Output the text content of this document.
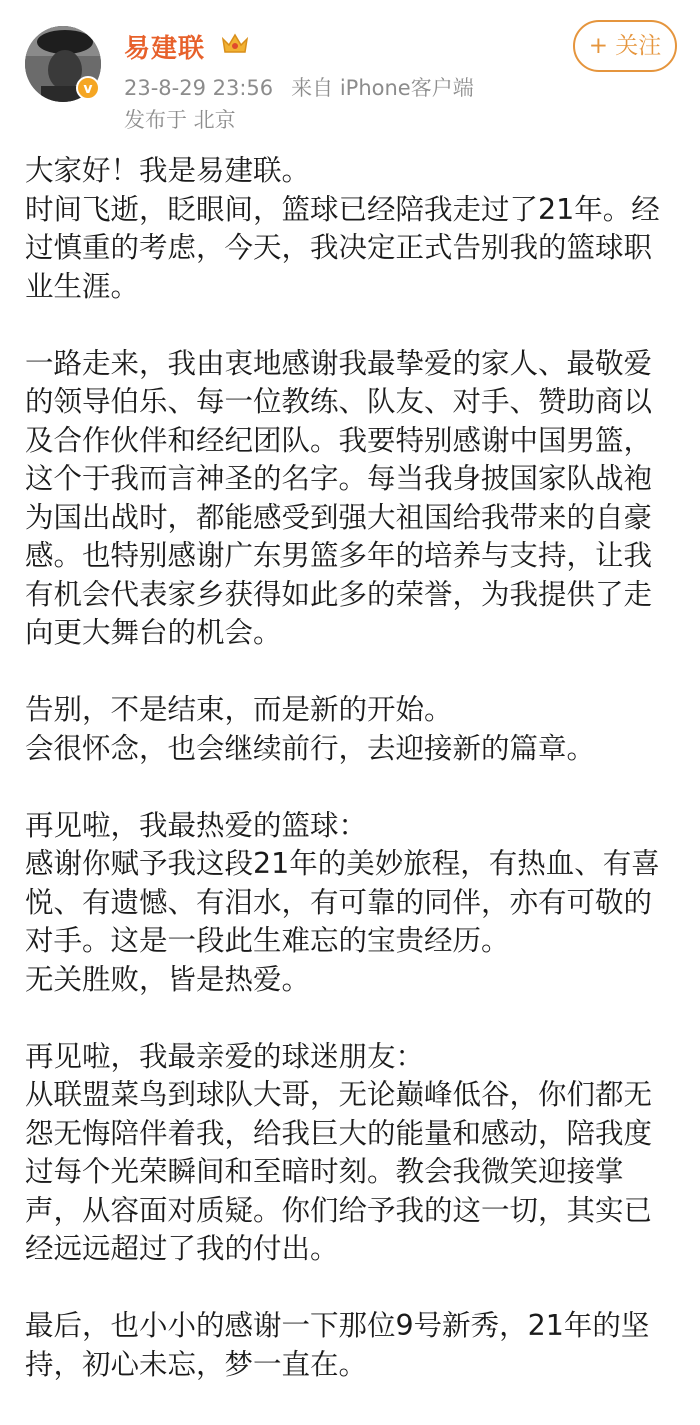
v
易建联
23-8-29 23:56 来自 iPhone客户端
发布于 北京
+ 关注

大家好！我是易建联。
时间飞逝，眨眼间，篮球已经陪我走过了21年。经过慎重的考虑，今天，我决定正式告别我的篮球职业生涯。

一路走来，我由衷地感谢我最挚爱的家人、最敬爱的领导伯乐、每一位教练、队友、对手、赞助商以及合作伙伴和经纪团队。我要特别感谢中国男篮，这个于我而言神圣的名字。每当我身披国家队战袍为国出战时，都能感受到强大祖国给我带来的自豪感。也特别感谢广东男篮多年的培养与支持，让我有机会代表家乡获得如此多的荣誉，为我提供了走向更大舞台的机会。

告别，不是结束，而是新的开始。
会很怀念，也会继续前行，去迎接新的篇章。

再见啦，我最热爱的篮球：
感谢你赋予我这段21年的美妙旅程，有热血、有喜悦、有遗憾、有泪水，有可靠的同伴，亦有可敬的对手。这是一段此生难忘的宝贵经历。
无关胜败，皆是热爱。

再见啦，我最亲爱的球迷朋友：
从联盟菜鸟到球队大哥，无论巅峰低谷，你们都无怨无悔陪伴着我，给我巨大的能量和感动，陪我度过每个光荣瞬间和至暗时刻。教会我微笑迎接掌声，从容面对质疑。你们给予我的这一切，其实已经远远超过了我的付出。

最后，也小小的感谢一下那位9号新秀，21年的坚持，初心未忘，梦一直在。
